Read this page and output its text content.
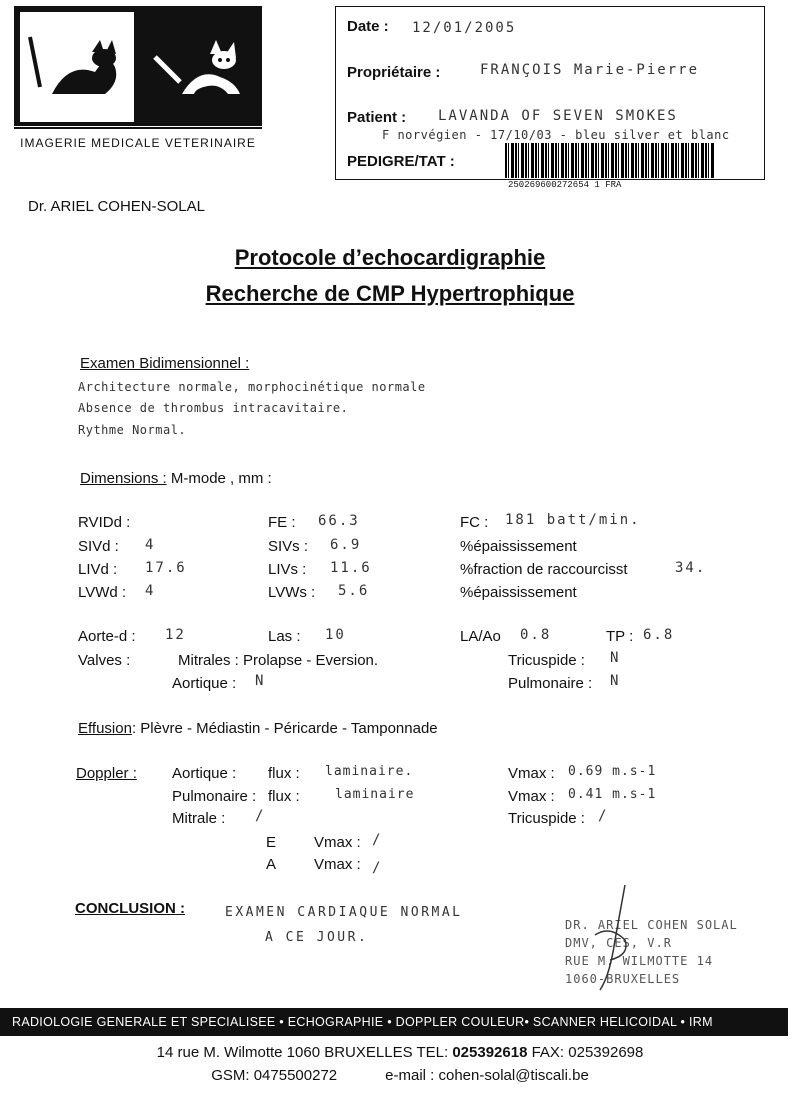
IMAGERIE MEDICALE VETERINAIRE
Date : 12/01/2005
Propriétaire :	FRANÇOIS Marie-Pierre
Patient : LAVANDA OF SEVEN SMOKES
F norvégien - 17/10/03 - bleu silver et blanc
PEDIGRE/TAT :
250269600272654 1 FRA
Dr. ARIEL COHEN-SOLAL
Protocole d’echocardigraphie
Recherche de CMP Hypertrophique
Examen Bidimensionnel :
Architecture normale, morphocinétique normale
Absence de thrombus intracavitaire.
Rythme Normal.
Dimensions : M-mode , mm :
RVIDd :	FE : 66.3	FC : 181 batt/min.
SIVd : 4	SIVs : 6.9	%épaississement
LIVd : 17.6	LIVs : 11.6	%fraction de raccourcisst	34.
LVWd : 4	LVWs : 5.6	%épaississement
Aorte-d : 12	Las : 10	LA/Ao 0.8	TP : 6.8
Valves :	Mitrales : Prolapse - Eversion.	Tricuspide : N
Aortique : N	Pulmonaire : N
Effusion: Plèvre - Médiastin - Péricarde - Tamponnade
Doppler : Aortique : flux : laminaire.	Vmax : 0.69 m.s-1
Pulmonaire : flux :	laminaire	Vmax : 0.41 m.s-1
Mitrale : /	Tricuspide : /
E	Vmax : /
A	Vmax : /
CONCLUSION :	EXAMEN CARDIAQUE NORMAL
A CE JOUR.
DR. ARIEL COHEN SOLAL
DMV, CES, V.R
RUE M. WILMOTTE 14
1060-BRUXELLES
RADIOLOGIE GENERALE ET SPECIALISEE • ECHOGRAPHIE • DOPPLER COULEUR• SCANNER HELICOIDAL • IRM
14 rue M. Wilmotte 1060 BRUXELLES TEL: 025392618 FAX: 025392698
GSM: 0475500272	e-mail : cohen-solal@tiscali.be
